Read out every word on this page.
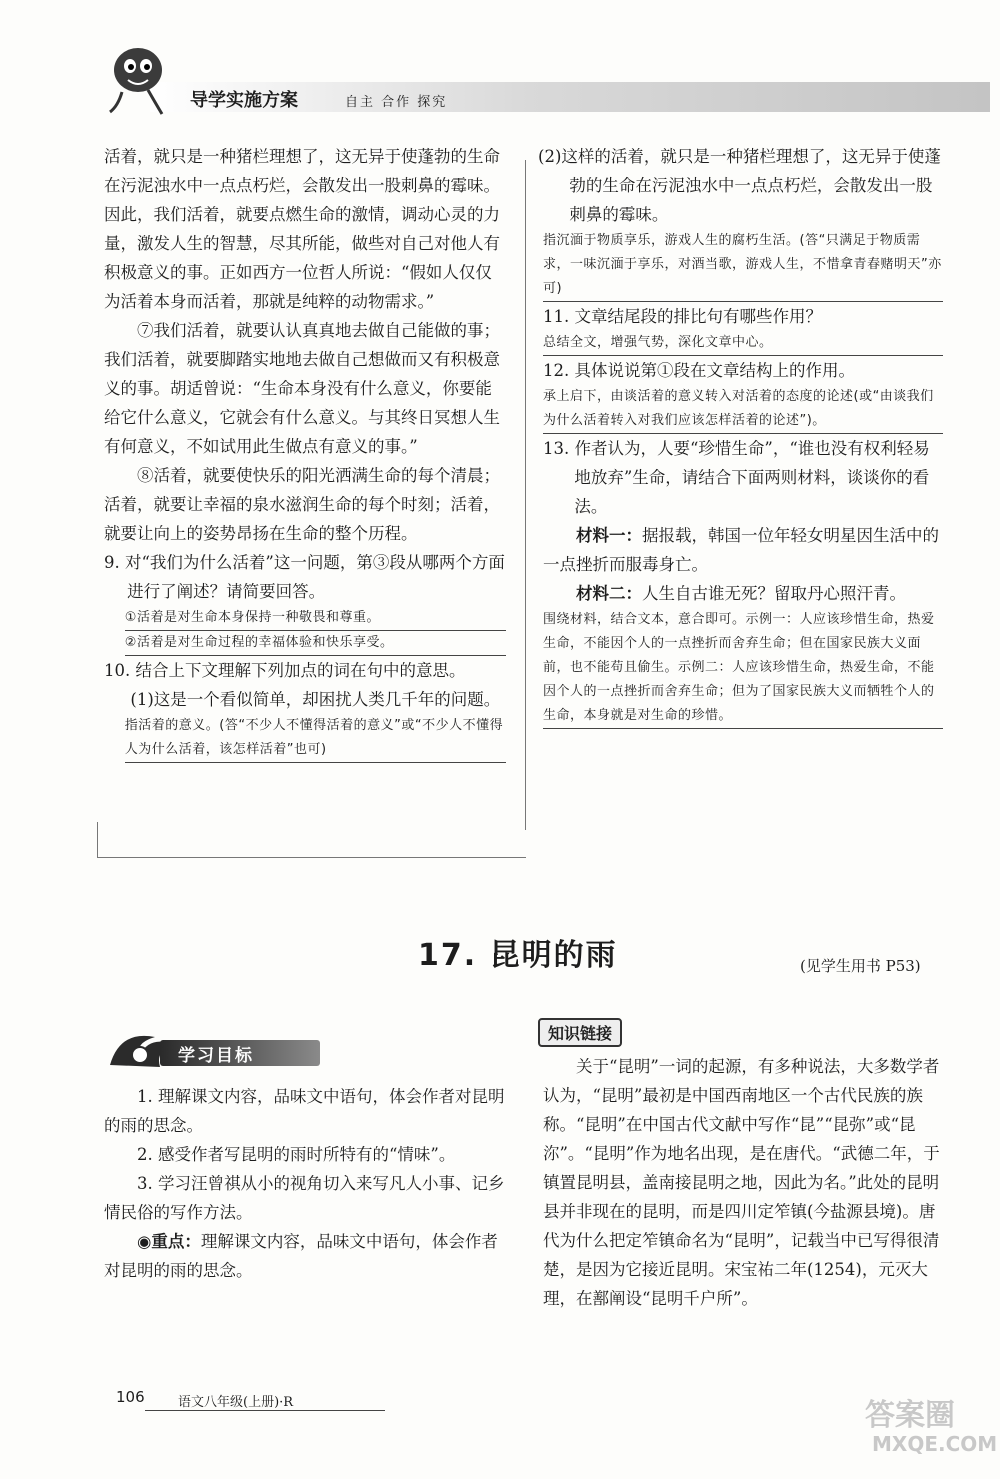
导学实施方案	自主 合作 探究

活着，就只是一种猪栏理想了，这无异于使蓬勃的生命在污泥浊水中一点点朽烂，会散发出一股刺鼻的霉味。因此，我们活着，就要点燃生命的激情，调动心灵的力量，激发人生的智慧，尽其所能，做些对自己对他人有积极意义的事。正如西方一位哲人所说：“假如人仅仅为活着本身而活着，那就是纯粹的动物需求。”

⑦我们活着，就要认认真真地去做自己能做的事；我们活着，就要脚踏实地地去做自己想做而又有积极意义的事。胡适曾说：“生命本身没有什么意义，你要能给它什么意义，它就会有什么意义。与其终日冥想人生有何意义，不如试用此生做点有意义的事。”

⑧活着，就要使快乐的阳光洒满生命的每个清晨；活着，就要让幸福的泉水滋润生命的每个时刻；活着，就要让向上的姿势昂扬在生命的整个历程。

9. 对“我们为什么活着”这一问题，第③段从哪两个方面进行了阐述？请简要回答。

①活着是对生命本身保持一种敬畏和尊重。

②活着是对生命过程的幸福体验和快乐享受。

10. 结合上下文理解下列加点的词在句中的意思。

(1)这是一个看似简单，却困扰人类几千年的问题。

指活着的意义。(答“不少人不懂得活着的意义”或“不少人不懂得人为什么活着，该怎样活着”也可)

(2)这样的活着，就只是一种猪栏理想了，这无异于使蓬勃的生命在污泥浊水中一点点朽烂，会散发出一股刺鼻的霉味。

指沉湎于物质享乐，游戏人生的腐朽生活。(答“只满足于物质需求，一味沉湎于享乐，对酒当歌，游戏人生，不惜拿青春赌明天”亦可)

11. 文章结尾段的排比句有哪些作用？

总结全文，增强气势，深化文章中心。

12. 具体说说第①段在文章结构上的作用。

承上启下，由谈活着的意义转入对活着的态度的论述(或“由谈我们为什么活着转入对我们应该怎样活着的论述”)。

13. 作者认为，人要“珍惜生命”，“谁也没有权利轻易地放弃”生命，请结合下面两则材料，谈谈你的看法。

材料一：据报载，韩国一位年轻女明星因生活中的一点挫折而服毒身亡。

材料二：人生自古谁无死？留取丹心照汗青。

围绕材料，结合文本，意合即可。示例一：人应该珍惜生命，热爱生命，不能因个人的一点挫折而舍弃生命；但在国家民族大义面前，也不能苟且偷生。示例二：人应该珍惜生命，热爱生命，不能因个人的一点挫折而舍弃生命；但为了国家民族大义而牺牲个人的生命，本身就是对生命的珍惜。

17. 昆明的雨	(见学生用书 P53)
学习目标

1. 理解课文内容，品味文中语句，体会作者对昆明的雨的思念。

2. 感受作者写昆明的雨时所特有的“情味”。

3. 学习汪曾祺从小的视角切入来写凡人小事、记乡情民俗的写作方法。

◉重点：理解课文内容，品味文中语句，体会作者对昆明的雨的思念。

知识链接

关于“昆明”一词的起源，有多种说法，大多数学者认为，“昆明”最初是中国西南地区一个古代民族的族称。“昆明”在中国古代文献中写作“昆”“昆弥”或“昆沵”。“昆明”作为地名出现，是在唐代。“武德二年，于镇置昆明县，盖南接昆明之地，因此为名。”此处的昆明县并非现在的昆明，而是四川定笮镇(今盐源县境)。唐代为什么把定笮镇命名为“昆明”，记载当中已写得很清楚，是因为它接近昆明。宋宝祐二年(1254)，元灭大理，在鄯阐设“昆明千户所”。

106	语文八年级(上册)·R	答案圈
MXQE.COM
